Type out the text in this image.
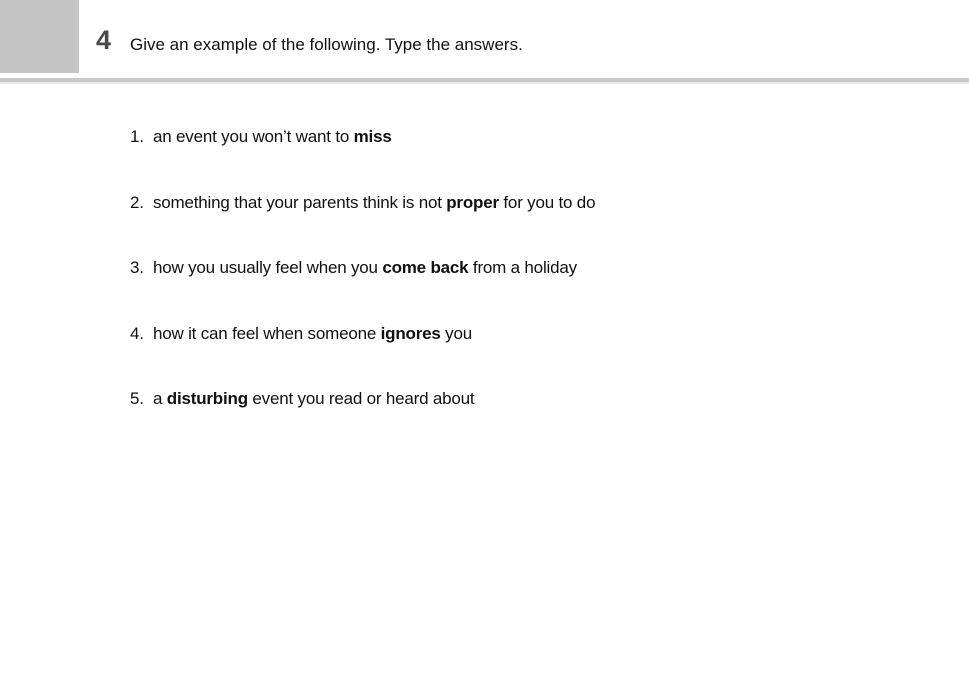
4 Give an example of the following. Type the answers.
1. an event you won’t want to miss
2. something that your parents think is not proper for you to do
3. how you usually feel when you come back from a holiday
4. how it can feel when someone ignores you
5. a disturbing event you read or heard about
